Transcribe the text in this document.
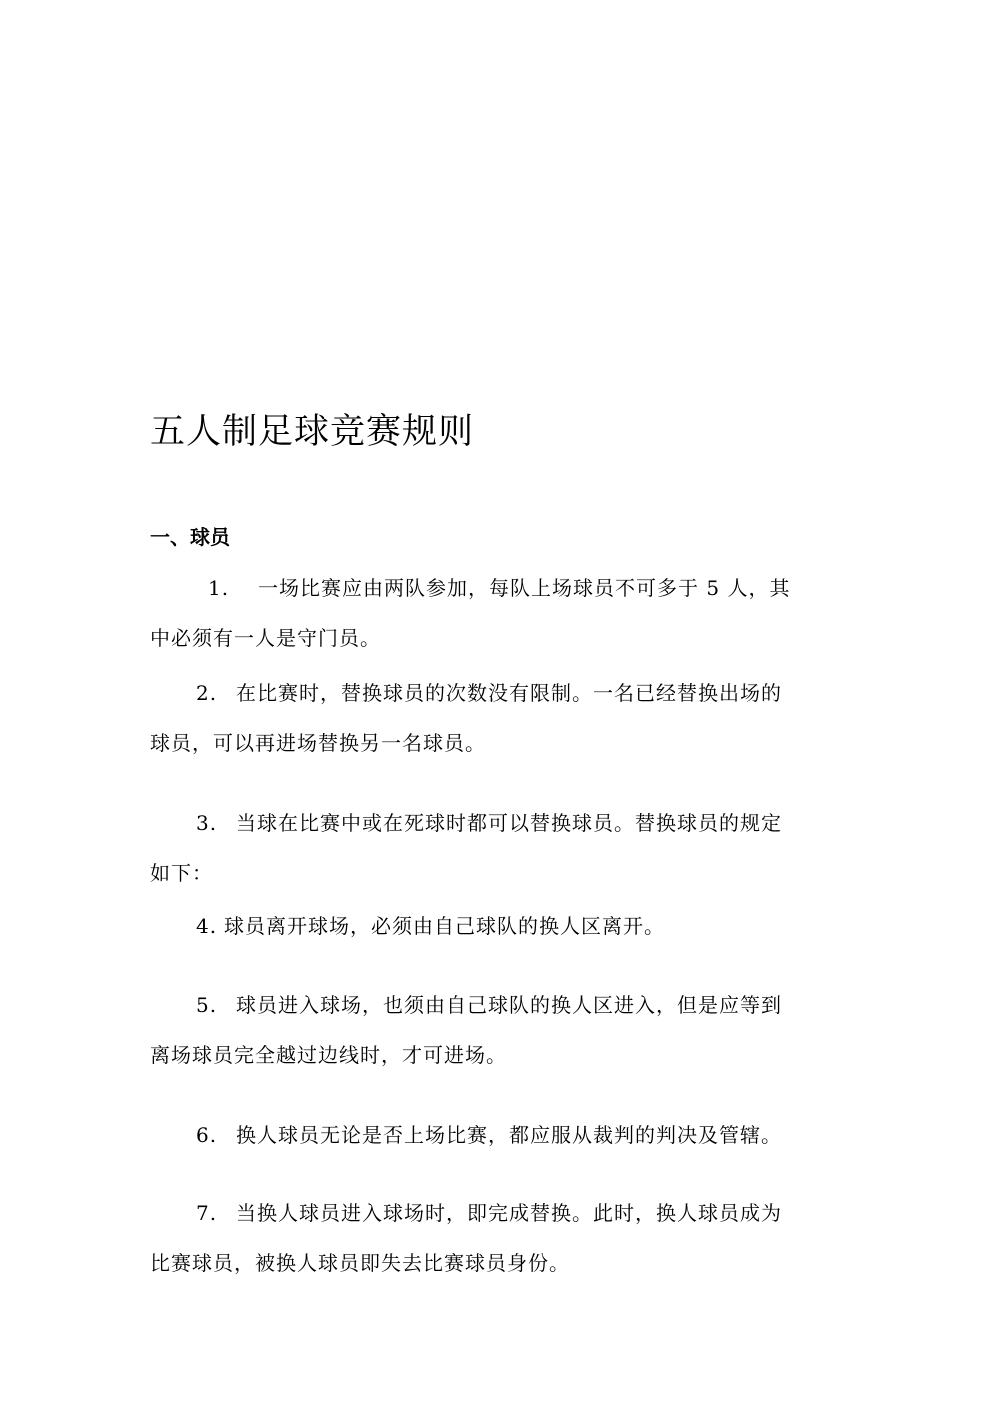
五人制足球竞赛规则
一、球员
1. 一场比赛应由两队参加，每队上场球员不可多于 5 人，其
中必须有一人是守门员。
2. 在比赛时，替换球员的次数没有限制。一名已经替换出场的
球员，可以再进场替换另一名球员。
3. 当球在比赛中或在死球时都可以替换球员。替换球员的规定
如下：
4. 球员离开球场，必须由自己球队的换人区离开。
5. 球员进入球场，也须由自己球队的换人区进入，但是应等到
离场球员完全越过边线时，才可进场。
6. 换人球员无论是否上场比赛，都应服从裁判的判决及管辖。
7. 当换人球员进入球场时，即完成替换。此时，换人球员成为
比赛球员，被换人球员即失去比赛球员身份。
